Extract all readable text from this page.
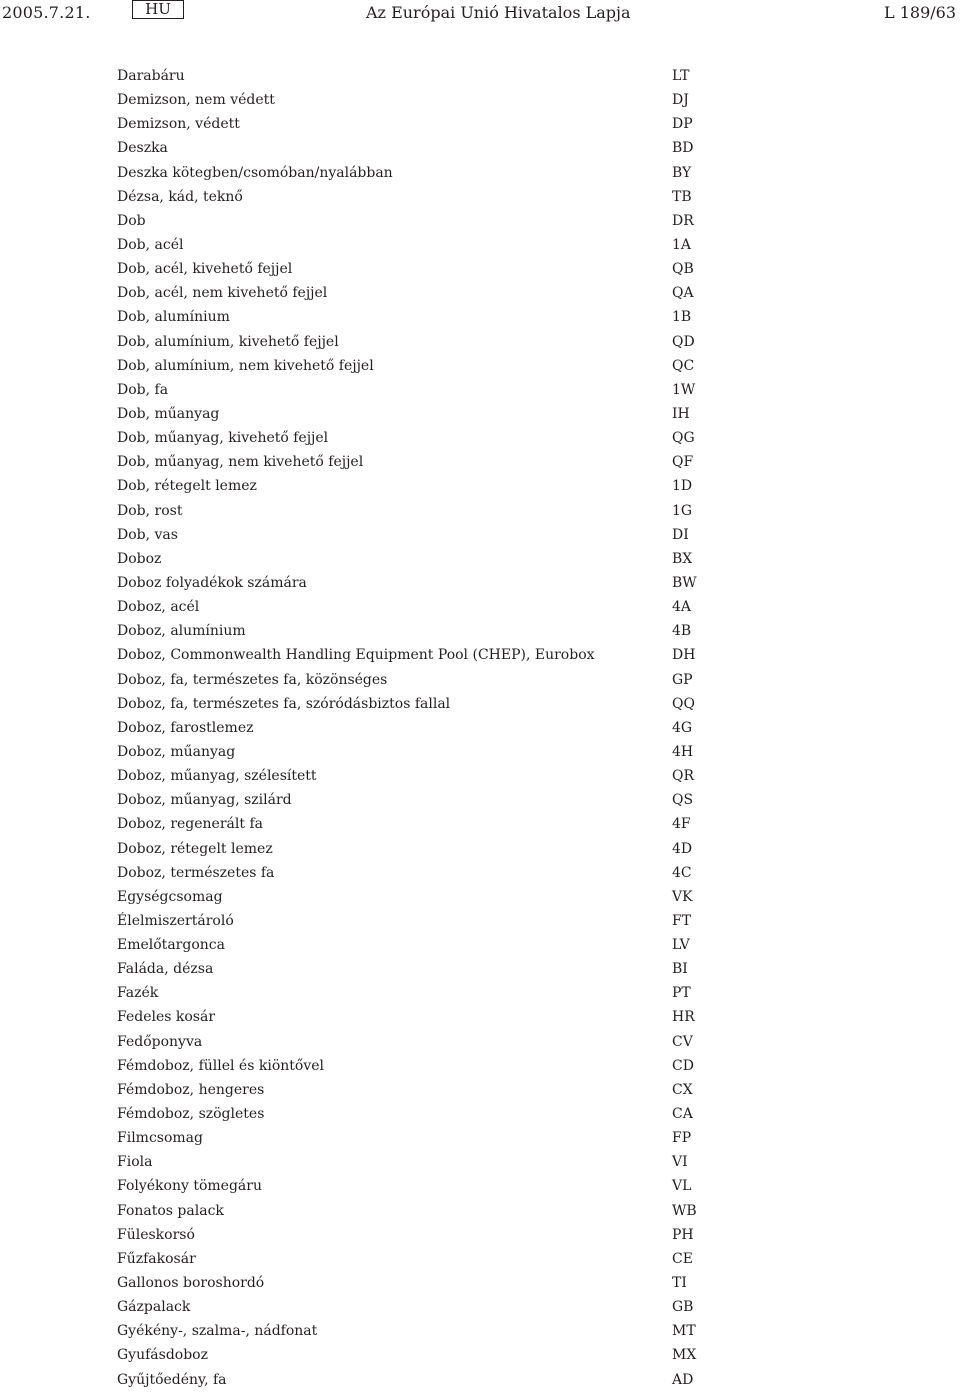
2005.7.21.	HU	Az Európai Unió Hivatalos Lapja	L 189/63
Darabáru	LT
Demizson, nem védett	DJ
Demizson, védett	DP
Deszka	BD
Deszka kötegben/csomóban/nyalábban	BY
Dézsa, kád, teknő	TB
Dob	DR
Dob, acél	1A
Dob, acél, kivehető fejjel	QB
Dob, acél, nem kivehető fejjel	QA
Dob, alumínium	1B
Dob, alumínium, kivehető fejjel	QD
Dob, alumínium, nem kivehető fejjel	QC
Dob, fa	1W
Dob, műanyag	IH
Dob, műanyag, kivehető fejjel	QG
Dob, műanyag, nem kivehető fejjel	QF
Dob, rétegelt lemez	1D
Dob, rost	1G
Dob, vas	DI
Doboz	BX
Doboz folyadékok számára	BW
Doboz, acél	4A
Doboz, alumínium	4B
Doboz, Commonwealth Handling Equipment Pool (CHEP), Eurobox	DH
Doboz, fa, természetes fa, közönséges	GP
Doboz, fa, természetes fa, szóródásbiztos fallal	QQ
Doboz, farostlemez	4G
Doboz, műanyag	4H
Doboz, műanyag, szélesített	QR
Doboz, műanyag, szilárd	QS
Doboz, regenerált fa	4F
Doboz, rétegelt lemez	4D
Doboz, természetes fa	4C
Egységcsomag	VK
Élelmiszertároló	FT
Emelőtargonca	LV
Faláda, dézsa	BI
Fazék	PT
Fedeles kosár	HR
Fedőponyva	CV
Fémdoboz, füllel és kiöntővel	CD
Fémdoboz, hengeres	CX
Fémdoboz, szögletes	CA
Filmcsomag	FP
Fiola	VI
Folyékony tömegáru	VL
Fonatos palack	WB
Füleskorsó	PH
Fűzfakosár	CE
Gallonos boroshordó	TI
Gázpalack	GB
Gyékény-, szalma-, nádfonat	MT
Gyufásdoboz	MX
Gyűjtőedény, fa	AD
